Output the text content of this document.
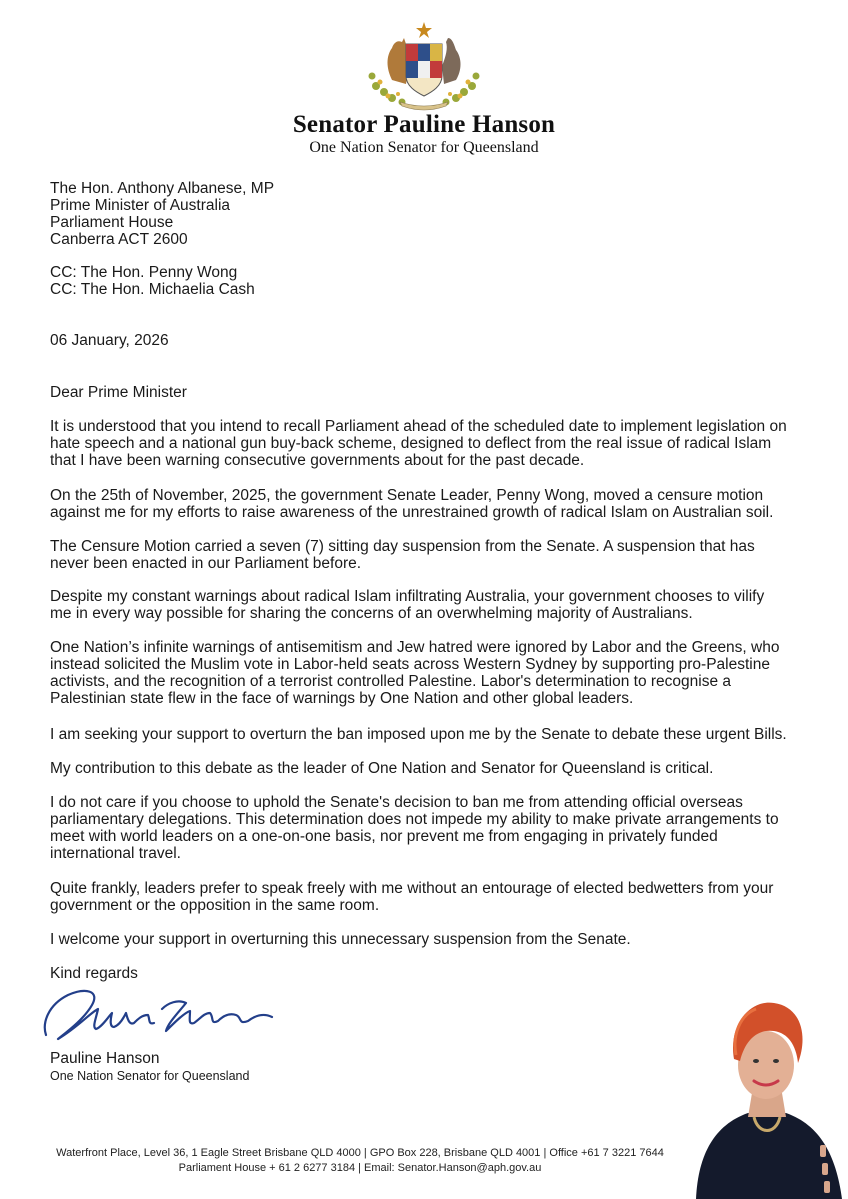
Senator Pauline Hanson
One Nation Senator for Queensland
The Hon. Anthony Albanese, MP
Prime Minister of Australia
Parliament House
Canberra ACT 2600
CC: The Hon. Penny Wong
CC: The Hon. Michaelia Cash
06 January, 2026
Dear Prime Minister

It is understood that you intend to recall Parliament ahead of the scheduled date to implement legislation on
hate speech and a national gun buy-back scheme, designed to deflect from the real issue of radical Islam
that I have been warning consecutive governments about for the past decade.

On the 25th of November, 2025, the government Senate Leader, Penny Wong, moved a censure motion
against me for my efforts to raise awareness of the unrestrained growth of radical Islam on Australian soil.

The Censure Motion carried a seven (7) sitting day suspension from the Senate. A suspension that has
never been enacted in our Parliament before.

Despite my constant warnings about radical Islam infiltrating Australia, your government chooses to vilify
me in every way possible for sharing the concerns of an overwhelming majority of Australians.

One Nation’s infinite warnings of antisemitism and Jew hatred were ignored by Labor and the Greens, who
instead solicited the Muslim vote in Labor-held seats across Western Sydney by supporting pro-Palestine
activists, and the recognition of a terrorist controlled Palestine. Labor's determination to recognise a
Palestinian state flew in the face of warnings by One Nation and other global leaders.

I am seeking your support to overturn the ban imposed upon me by the Senate to debate these urgent Bills.

My contribution to this debate as the leader of One Nation and Senator for Queensland is critical.

I do not care if you choose to uphold the Senate's decision to ban me from attending official overseas
parliamentary delegations. This determination does not impede my ability to make private arrangements to
meet with world leaders on a one-on-one basis, nor prevent me from engaging in privately funded
international travel.

Quite frankly, leaders prefer to speak freely with me without an entourage of elected bedwetters from your
government or the opposition in the same room.

I welcome your support in overturning this unnecessary suspension from the Senate.

Kind regards
Pauline Hanson
One Nation Senator for Queensland
Waterfront Place, Level 36, 1 Eagle Street Brisbane QLD 4000 | GPO Box 228, Brisbane QLD 4001 | Office +61 7 3221 7644
Parliament House + 61 2 6277 3184 | Email: Senator.Hanson@aph.gov.au
